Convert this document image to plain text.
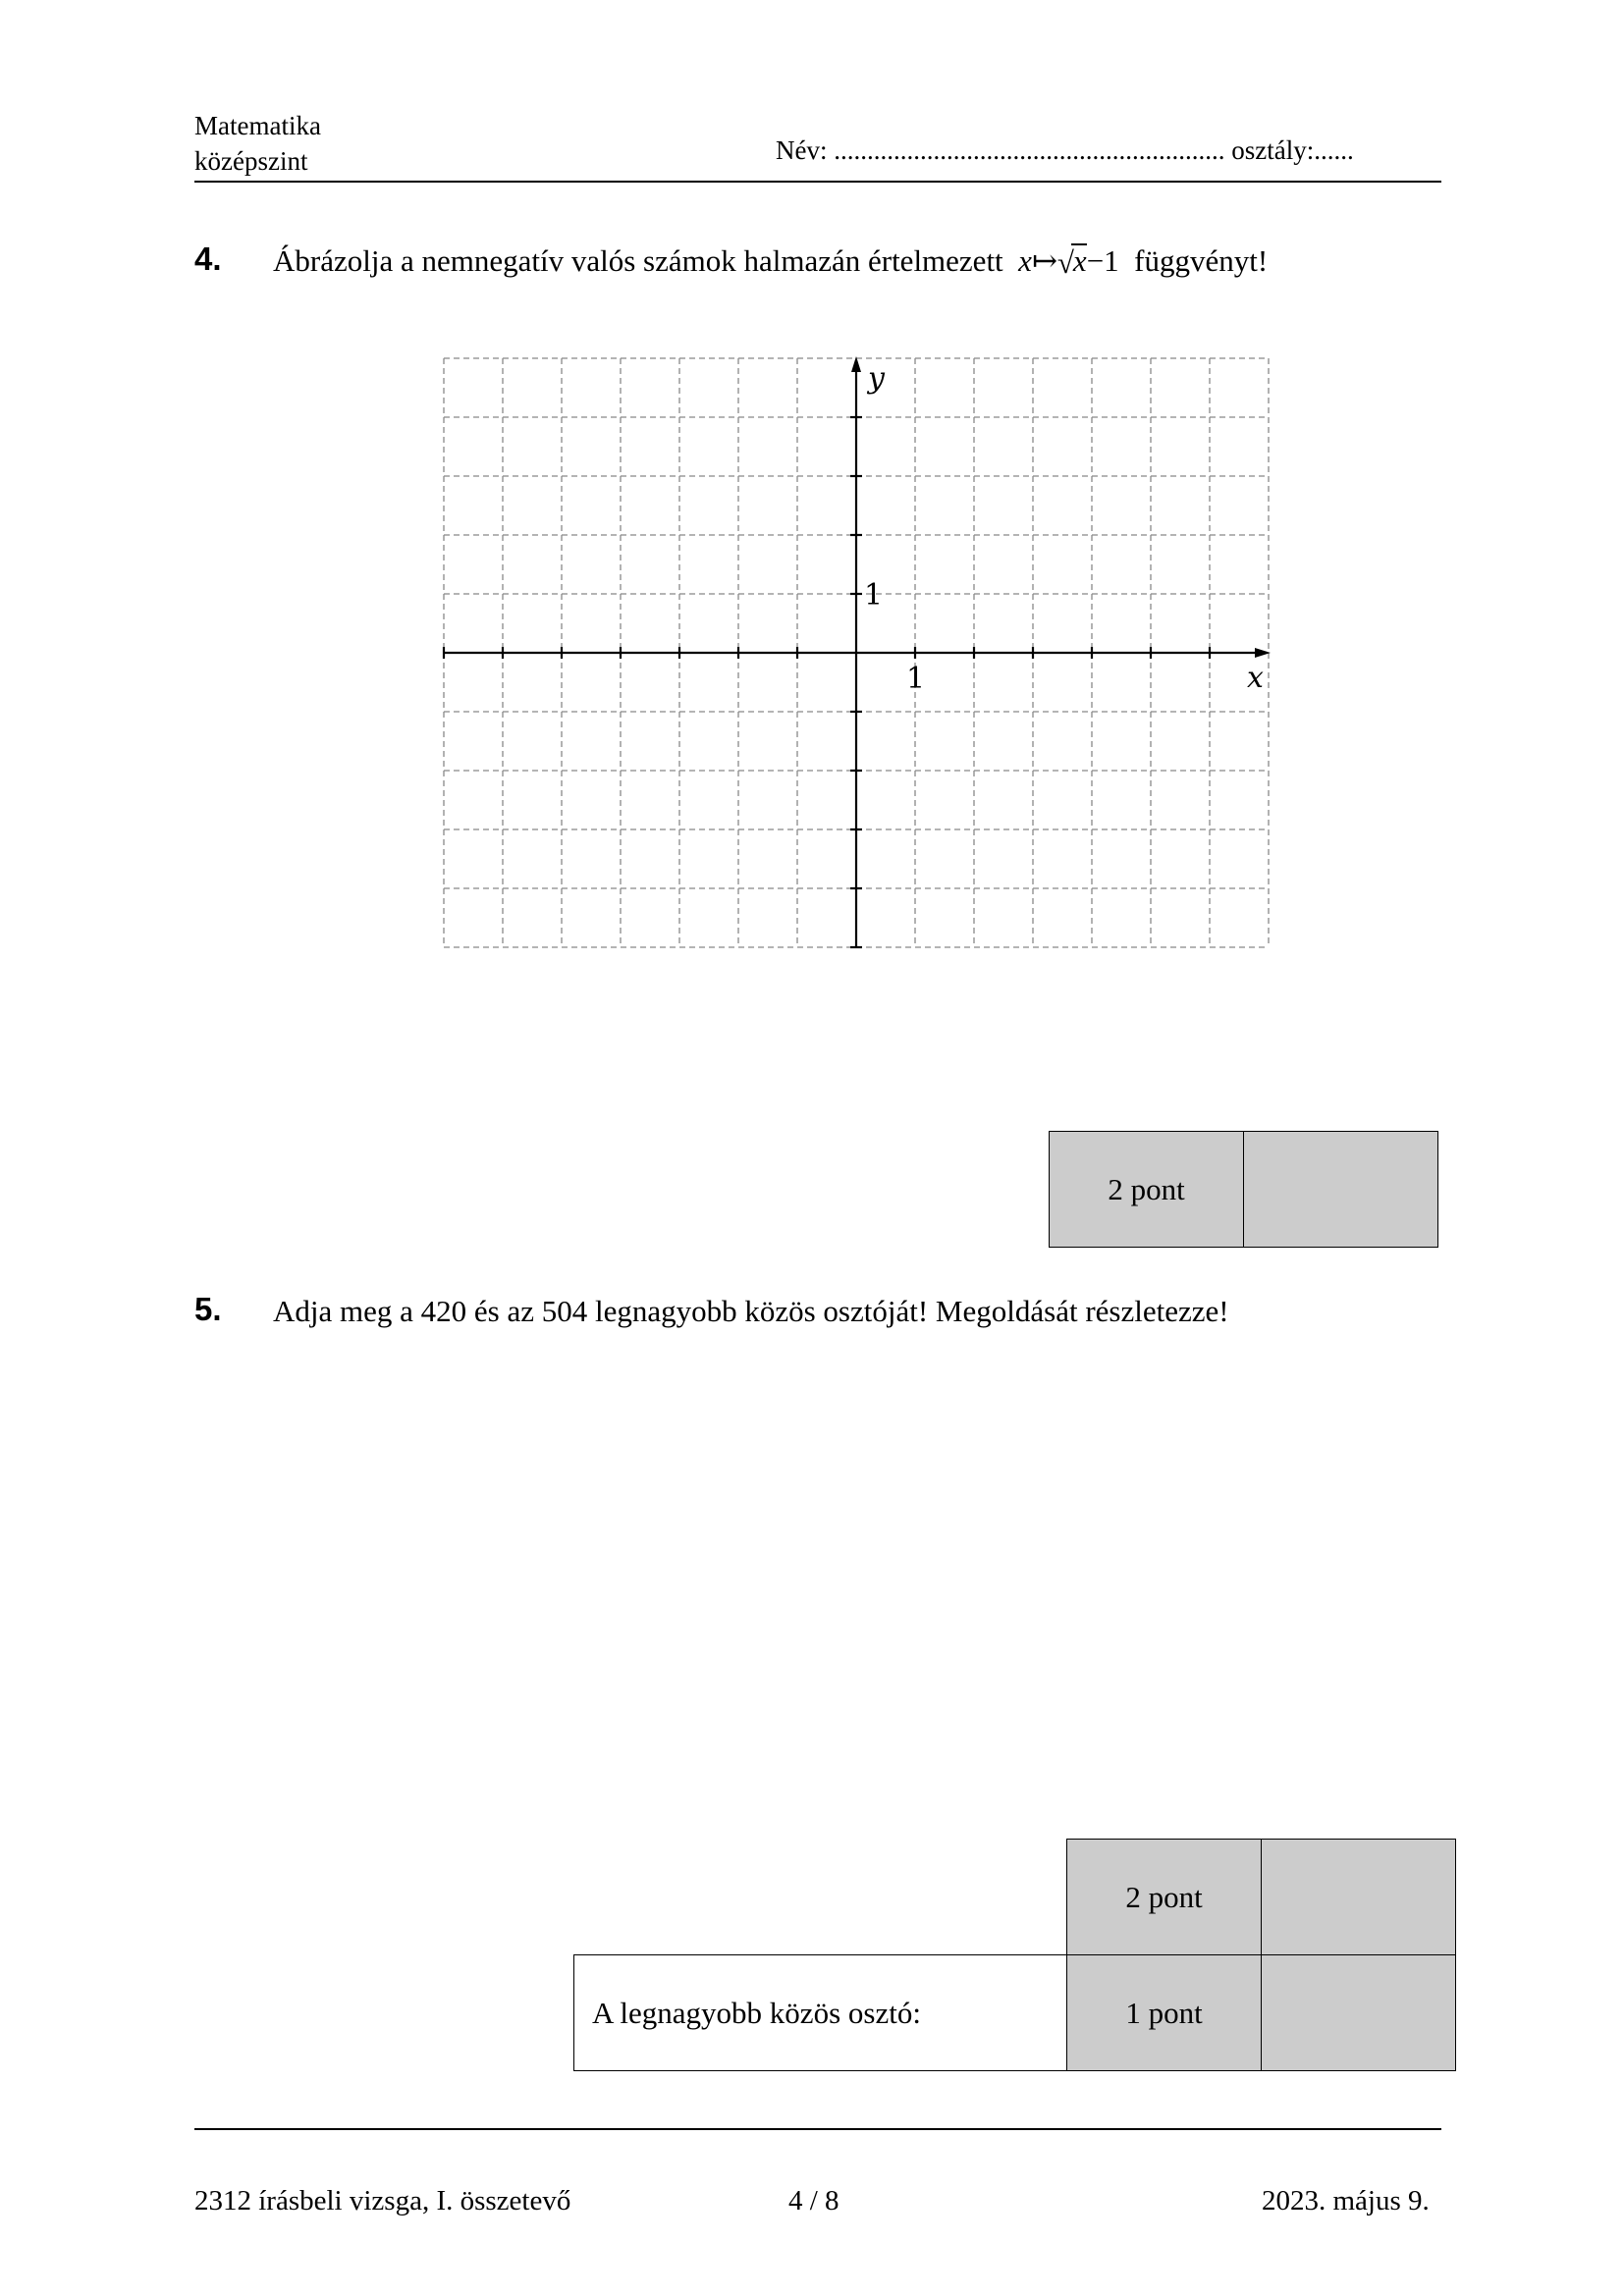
Matematika
középszint	Név: ........................................................... osztály:......
4. Ábrázolja a nemnegatív valós számok halmazán értelmezett x↦ √
x−1 függvényt!
y
x
1
1
2 pont	
5. Adja meg a 420 és az 504 legnagyobb közös osztóját! Megoldását részletezze!
	2 pont	
A legnagyobb közös osztó:	1 pont	
2312 írásbeli vizsga, I. összetevő	4 / 8	2023. május 9.
